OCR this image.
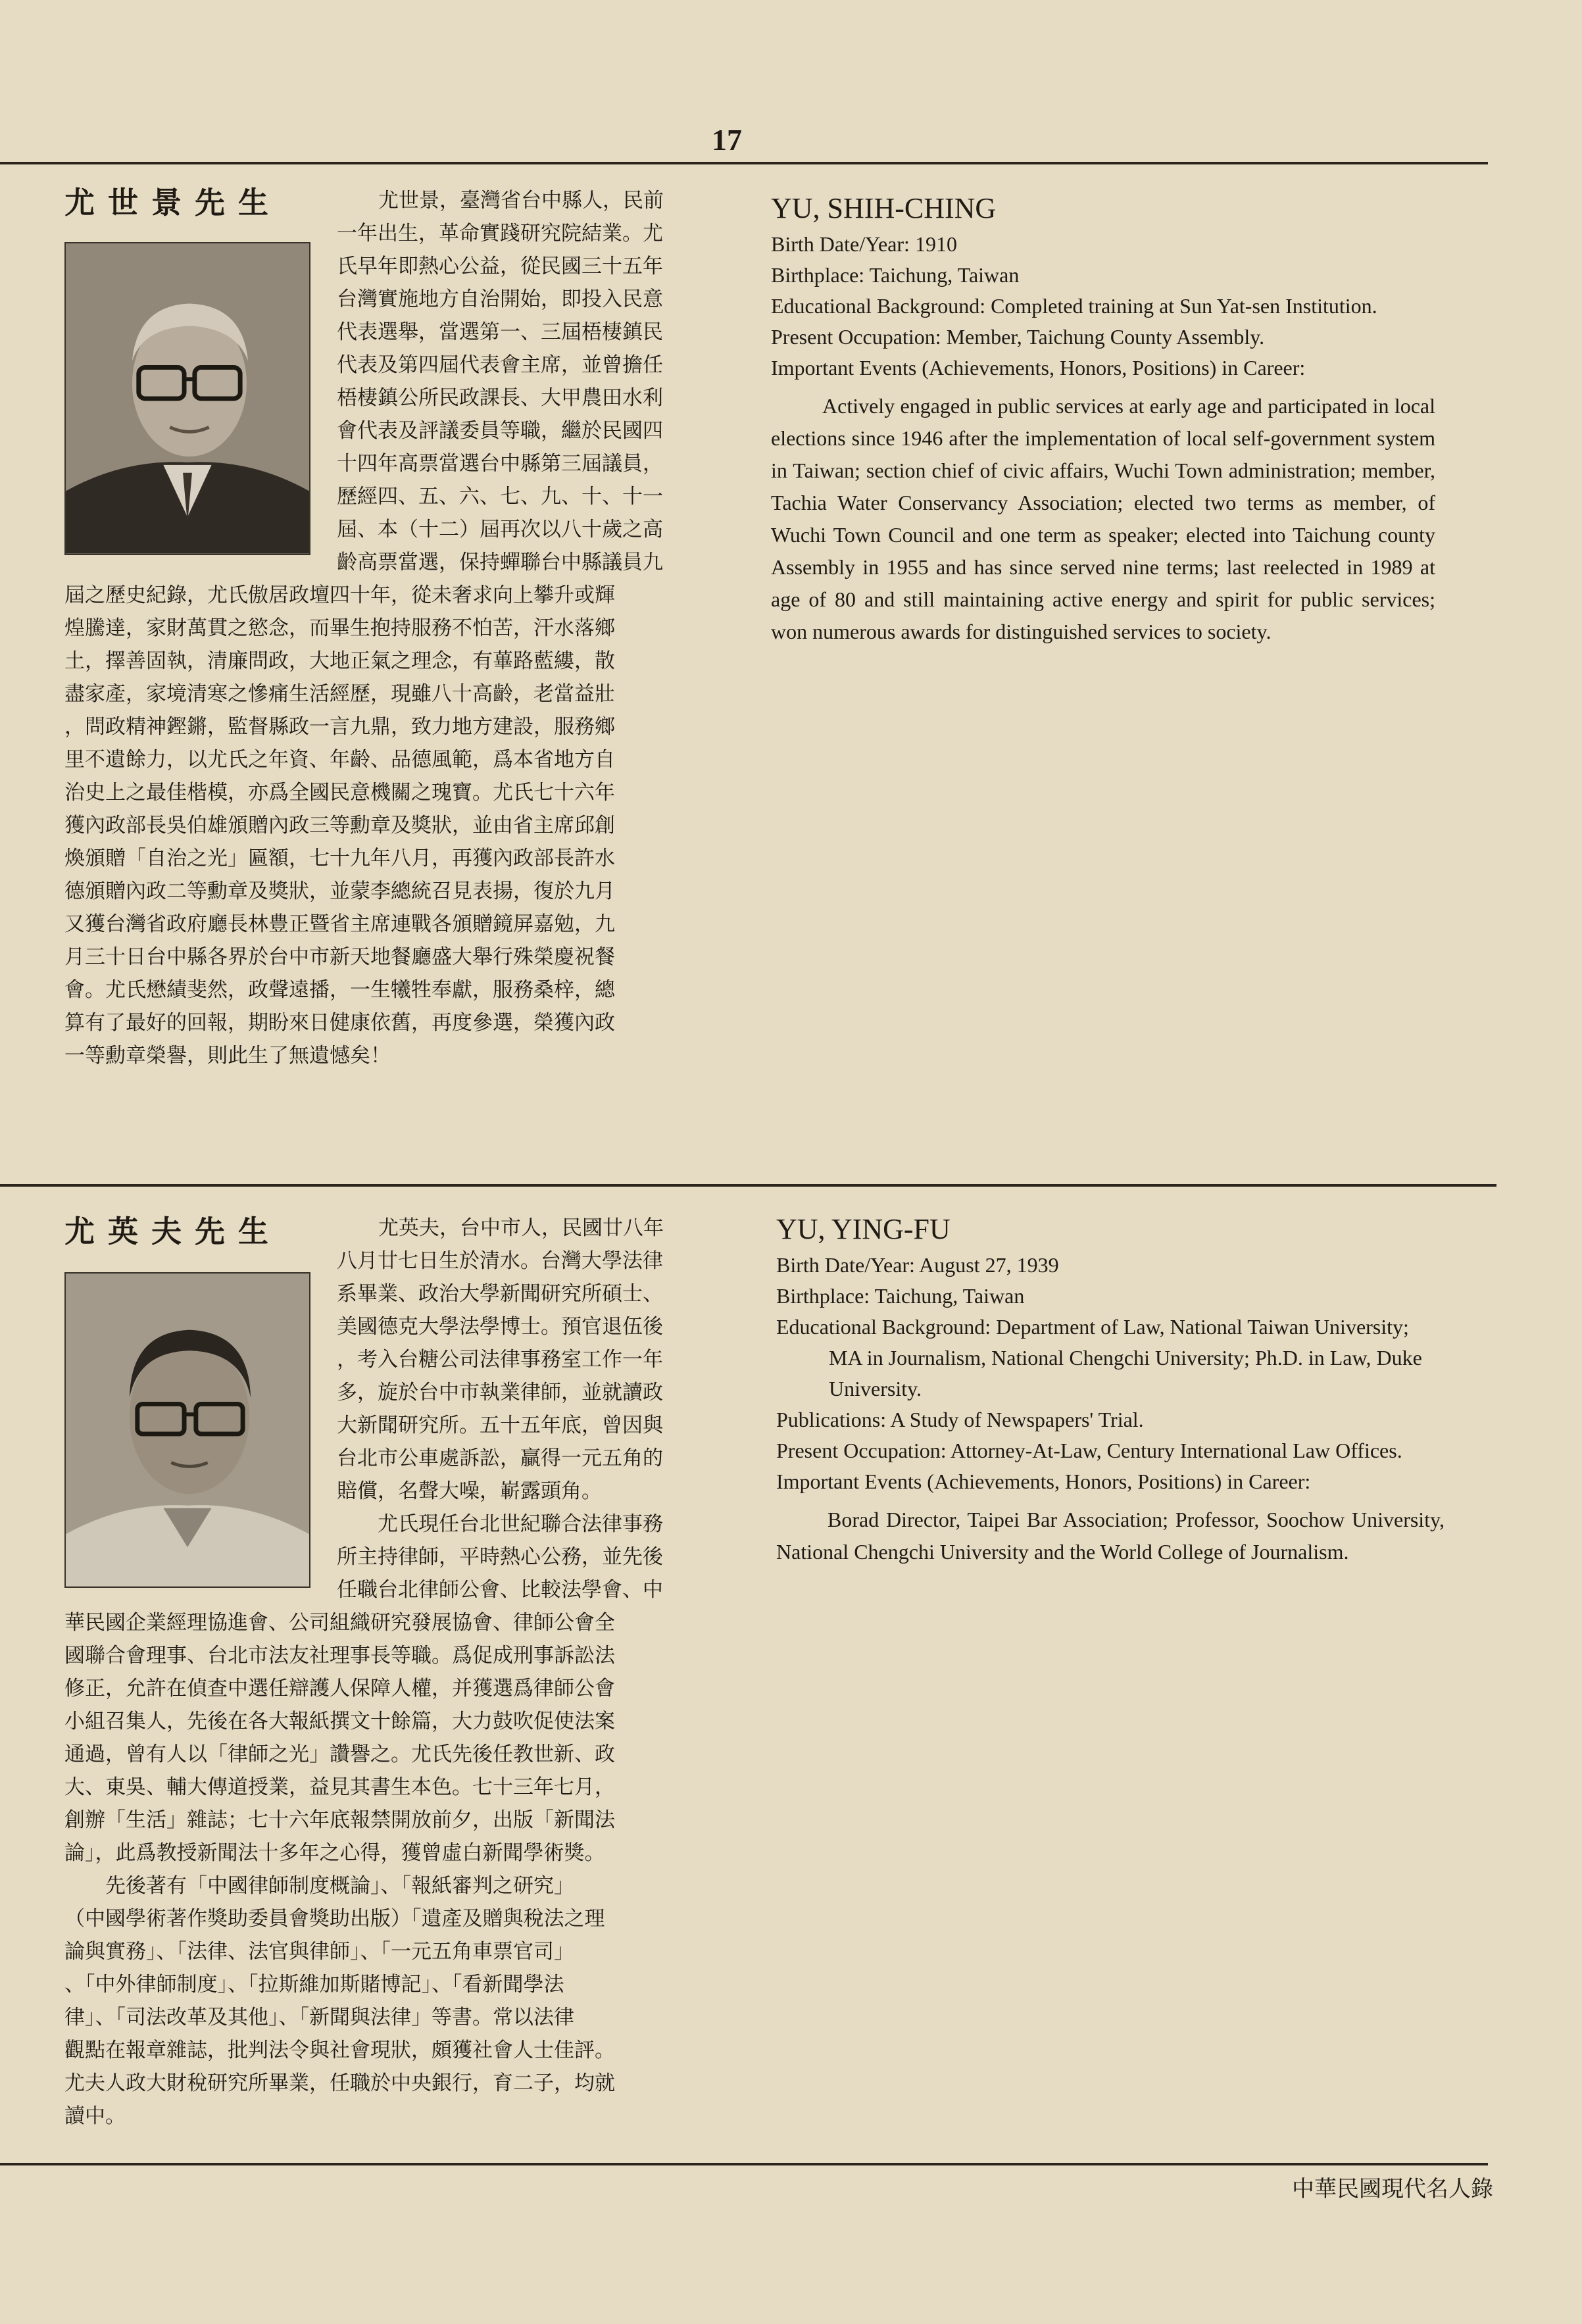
17
尤世景先生	尤世景，臺灣省台中縣人，民前
一年出生，革命實踐研究院結業。尤
氏早年即熱心公益，從民國三十五年
台灣實施地方自治開始，即投入民意
代表選舉，當選第一、三屆梧棲鎮民
代表及第四屆代表會主席，並曾擔任
梧棲鎮公所民政課長、大甲農田水利
會代表及評議委員等職，繼於民國四
十四年高票當選台中縣第三屆議員，
歷經四、五、六、七、九、十、十一
屆、本（十二）屆再次以八十歲之高
齡高票當選，保持蟬聯台中縣議員九
屆之歷史紀錄，尤氏傲居政壇四十年，從未奢求向上攀升或輝
煌騰達，家財萬貫之慾念，而畢生抱持服務不怕苦，汗水落鄉
土，擇善固執，清廉問政，大地正氣之理念，有蓽路藍縷，散
盡家產，家境清寒之慘痛生活經歷，現雖八十高齡，老當益壯
，問政精神鏗鏘，監督縣政一言九鼎，致力地方建設，服務鄉
里不遺餘力，以尤氏之年資、年齡、品德風範，爲本省地方自
治史上之最佳楷模，亦爲全國民意機關之瑰寶。尤氏七十六年
獲內政部長吳伯雄頒贈內政三等勳章及獎狀，並由省主席邱創
煥頒贈「自治之光」匾額，七十九年八月，再獲內政部長許水
德頒贈內政二等勳章及獎狀，並蒙李總統召見表揚，復於九月
又獲台灣省政府廳長林豊正暨省主席連戰各頒贈鏡屏嘉勉，九
月三十日台中縣各界於台中市新天地餐廳盛大舉行殊榮慶祝餐
會。尤氏懋績斐然，政聲遠播，一生犧牲奉獻，服務桑梓，總
算有了最好的回報，期盼來日健康依舊，再度參選，榮獲內政
一等勳章榮譽，則此生了無遺憾矣！
YU, SHIH-CHING
Birth Date/Year: 1910
Birthplace: Taichung, Taiwan
Educational Background: Completed training at Sun Yat-sen Institution.
Present Occupation: Member, Taichung County Assembly.
Important Events (Achievements, Honors, Positions) in Career:
Actively engaged in public services at early age and participated in local elections since 1946 after the implementation of local self-government system in Taiwan; section chief of civic affairs, Wuchi Town administration; member, Tachia Water Conservancy Association; elected two terms as member, of Wuchi Town Council and one term as speaker; elected into Taichung county Assembly in 1955 and has since served nine terms; last reelected in 1989 at age of 80 and still maintaining active energy and spirit for public services; won numerous awards for distinguished services to society.
尤英夫先生	尤英夫，台中市人，民國廿八年
八月廿七日生於清水。台灣大學法律
系畢業、政治大學新聞研究所碩士、
美國德克大學法學博士。預官退伍後
，考入台糖公司法律事務室工作一年
多，旋於台中市執業律師，並就讀政
大新聞研究所。五十五年底，曾因與
台北市公車處訴訟，贏得一元五角的
賠償，名聲大噪，嶄露頭角。
　　尤氏現任台北世紀聯合法律事務
所主持律師，平時熱心公務，並先後
任職台北律師公會、比較法學會、中
華民國企業經理協進會、公司組織研究發展協會、律師公會全
國聯合會理事、台北市法友社理事長等職。爲促成刑事訴訟法
修正，允許在偵查中選任辯護人保障人權，并獲選爲律師公會
小組召集人，先後在各大報紙撰文十餘篇，大力鼓吹促使法案
通過，曾有人以「律師之光」讚譽之。尤氏先後任教世新、政
大、東吳、輔大傳道授業，益見其書生本色。七十三年七月，
創辦「生活」雜誌；七十六年底報禁開放前夕，出版「新聞法
論」，此爲教授新聞法十多年之心得，獲曾虛白新聞學術獎。
　　先後著有「中國律師制度概論」、「報紙審判之研究」
（中國學術著作獎助委員會獎助出版）「遺產及贈與稅法之理
論與實務」、「法律、法官與律師」、「一元五角車票官司」
、「中外律師制度」、「拉斯維加斯賭博記」、「看新聞學法
律」、「司法改革及其他」、「新聞與法律」等書。常以法律
觀點在報章雜誌，批判法令與社會現狀，頗獲社會人士佳評。
尤夫人政大財稅研究所畢業，任職於中央銀行，育二子，均就
讀中。
YU, YING-FU
Birth Date/Year: August 27, 1939
Birthplace: Taichung, Taiwan
Educational Background: Department of Law, National Taiwan University; MA in Journalism, National Chengchi University; Ph.D. in Law, Duke University.
Publications: A Study of Newspapers' Trial.
Present Occupation: Attorney-At-Law, Century International Law Offices.
Important Events (Achievements, Honors, Positions) in Career:
Borad Director, Taipei Bar Association; Professor, Soochow University, National Chengchi University and the World College of Journalism.
中華民國現代名人錄
